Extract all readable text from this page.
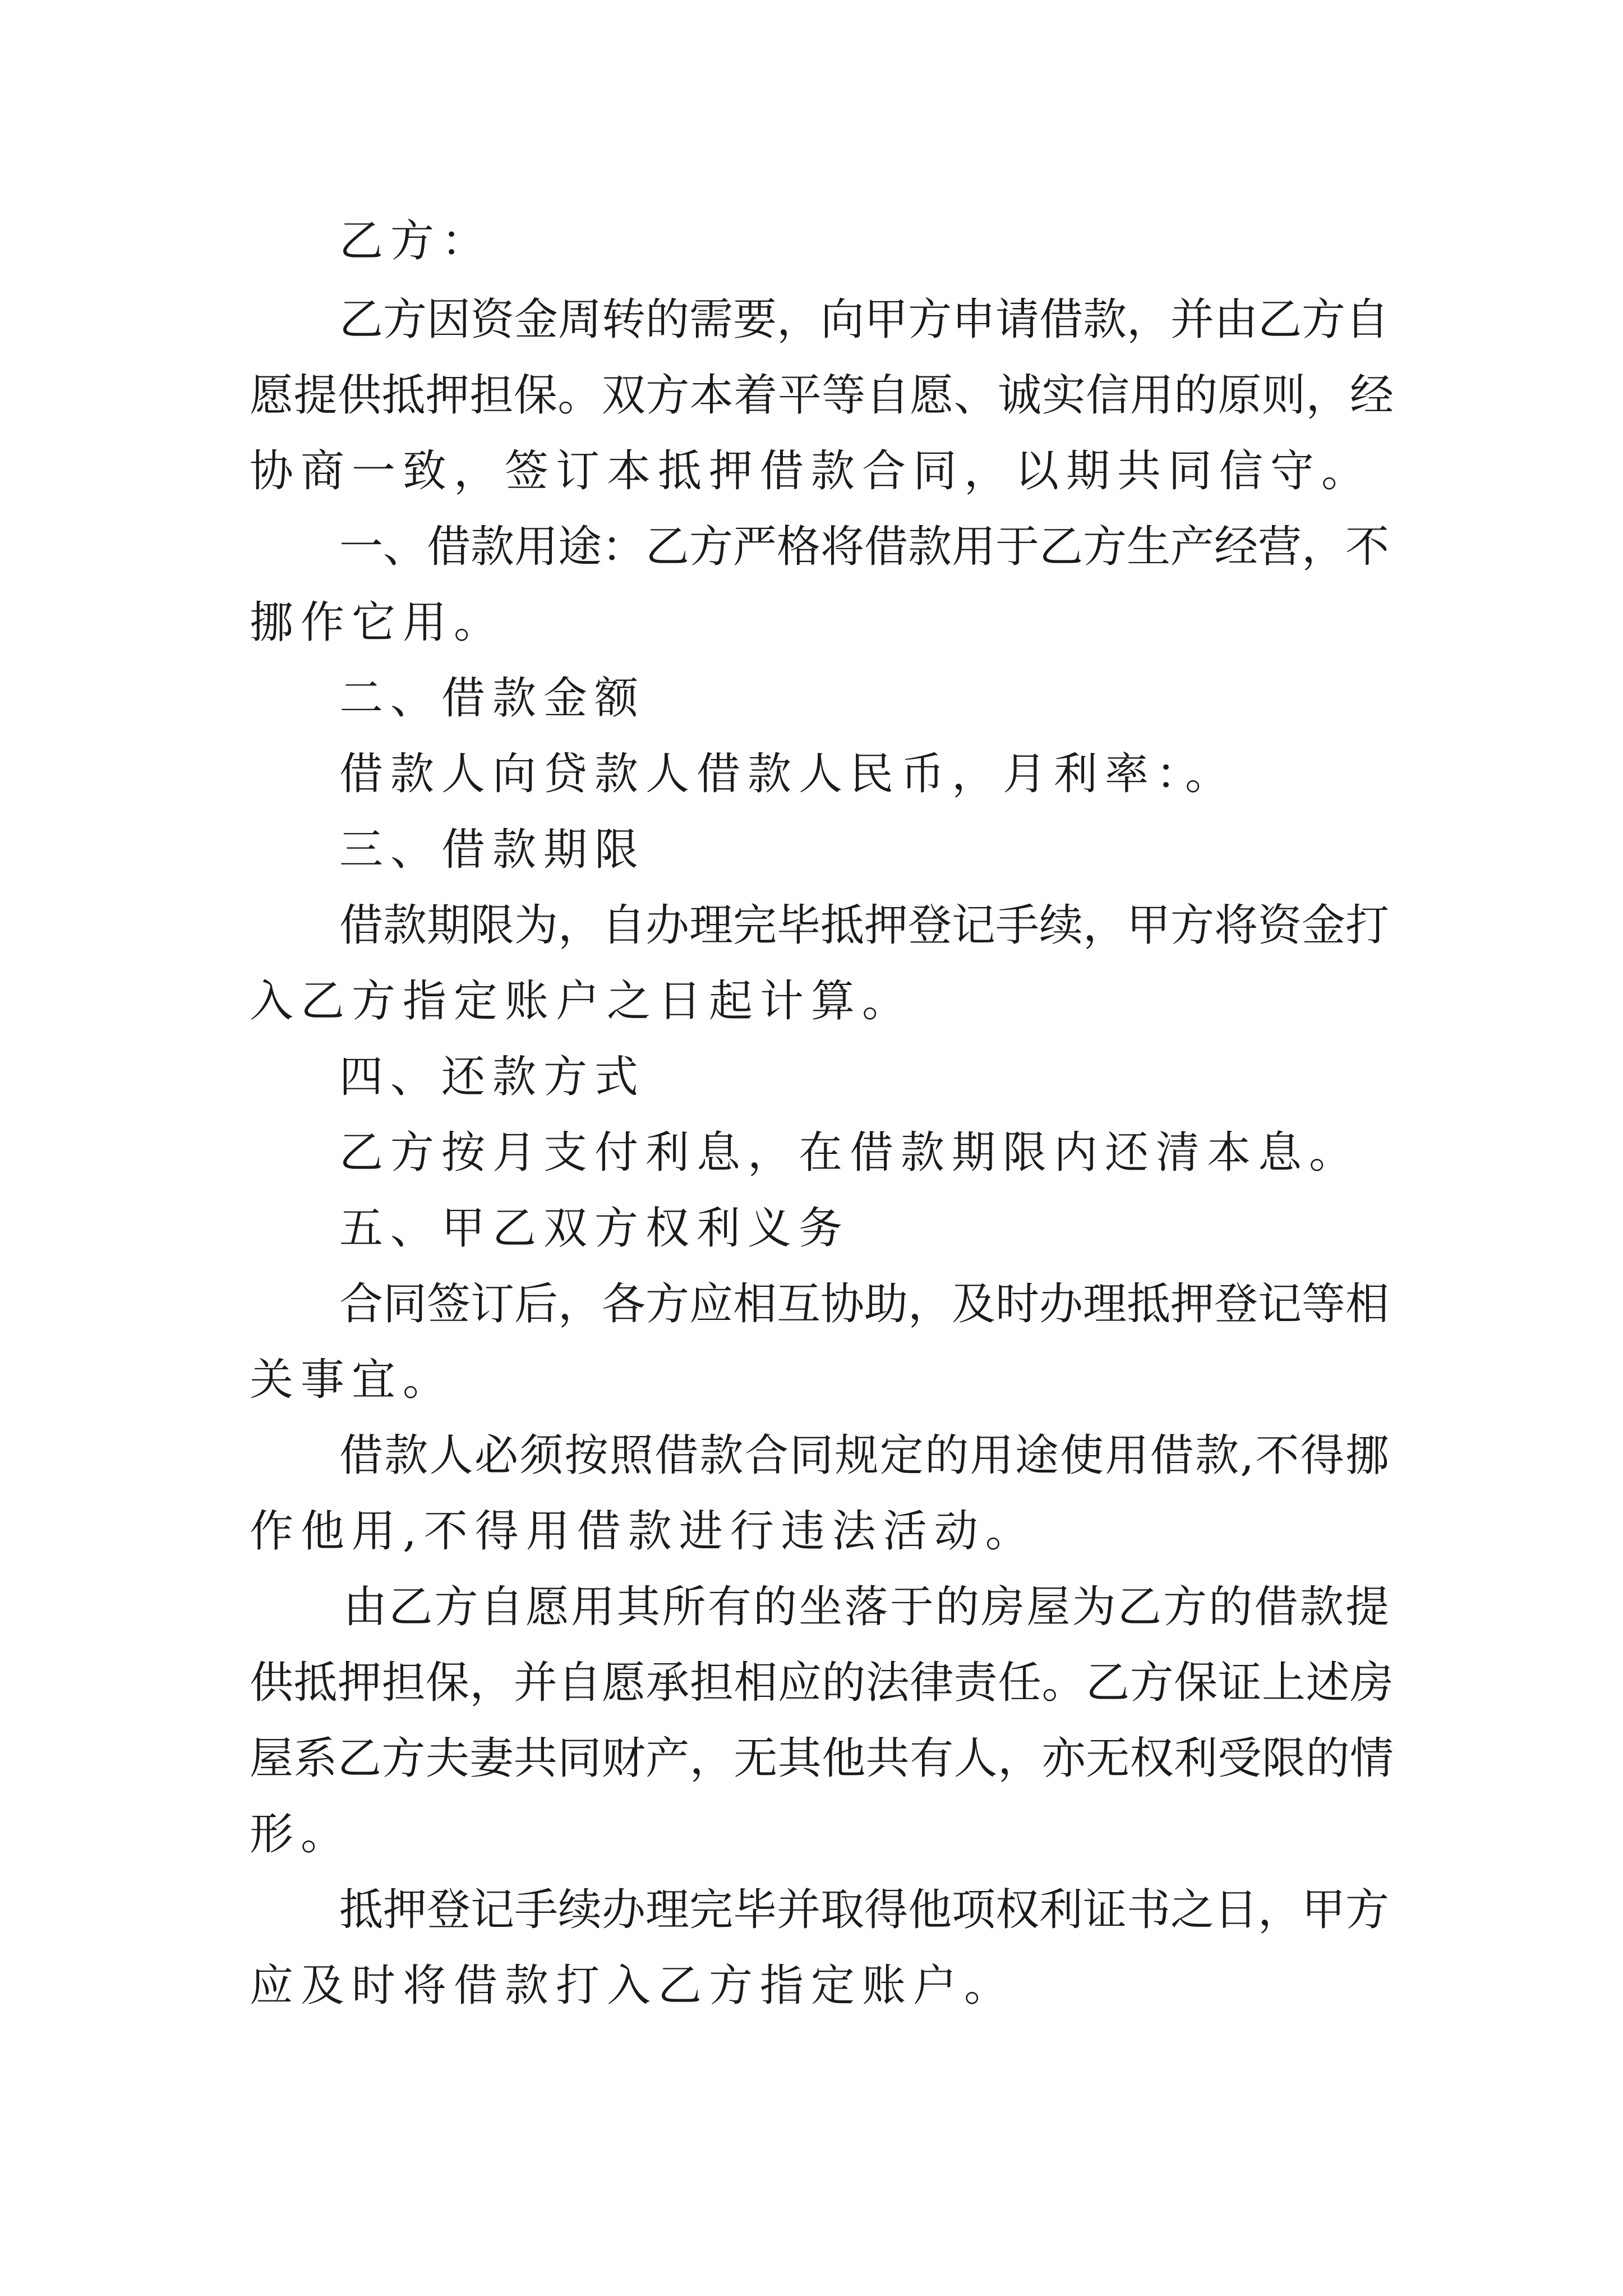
乙方：

乙方因资金周转的需要，向甲方申请借款，并由乙方自

愿提供抵押担保。双方本着平等自愿、诚实信用的原则，经

协商一致，签订本抵押借款合同，以期共同信守。

一、借款用途：乙方严格将借款用于乙方生产经营，不

挪作它用。

二、借款金额

借款人向贷款人借款人民币，月利率：。

三、借款期限

借款期限为，自办理完毕抵押登记手续，甲方将资金打

入乙方指定账户之日起计算。

四、还款方式

乙方按月支付利息，在借款期限内还清本息。

五、甲乙双方权利义务

合同签订后，各方应相互协助，及时办理抵押登记等相

关事宜。

借款人必须按照借款合同规定的用途使用借款,不得挪

作他用,不得用借款进行违法活动。

由乙方自愿用其所有的坐落于的房屋为乙方的借款提

供抵押担保，并自愿承担相应的法律责任。乙方保证上述房

屋系乙方夫妻共同财产，无其他共有人，亦无权利受限的情

形。

抵押登记手续办理完毕并取得他项权利证书之日，甲方

应及时将借款打入乙方指定账户。
